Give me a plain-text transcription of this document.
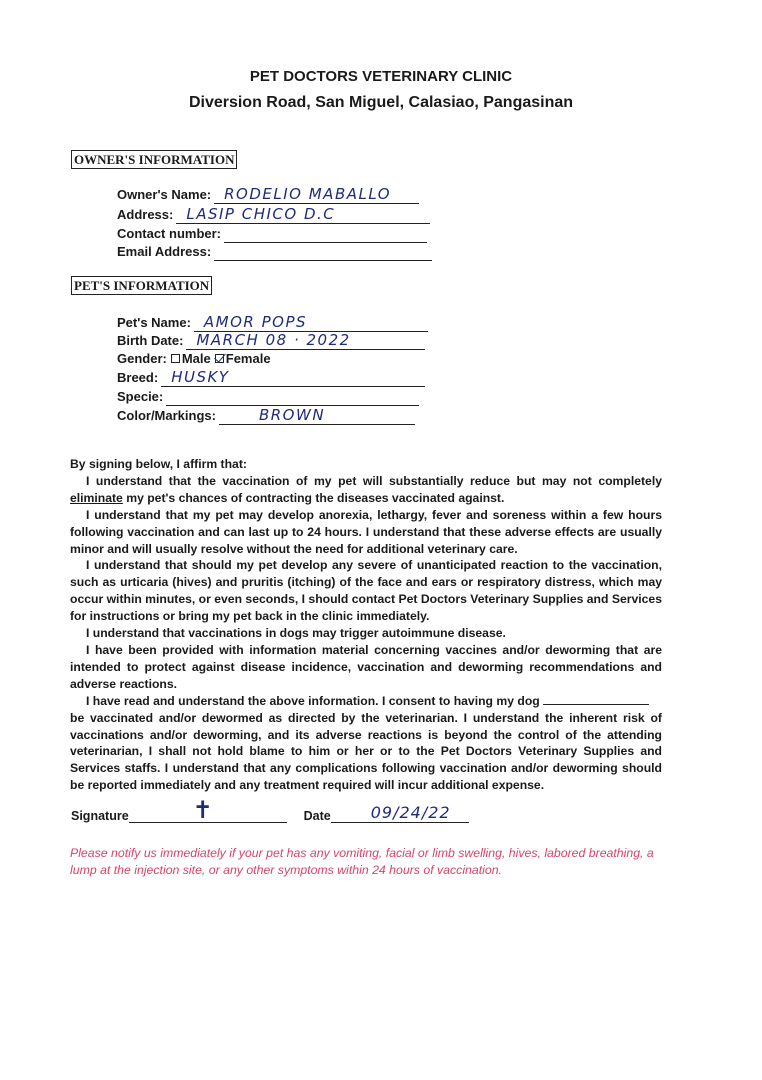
PET DOCTORS VETERINARY CLINIC

Diversion Road, San Miguel, Calasiao, Pangasinan

OWNER'S INFORMATION
Owner's Name: RODELIO MABALLO
Address: LASIP CHICO D.C
Contact number:
Email Address:
PET'S INFORMATION
Pet's Name: AMOR POPS
Birth Date: MARCH 08 · 2022
Gender: Male Female
Breed: HUSKY
Specie:
Color/Markings:	BROWN

By signing below, I affirm that:

I understand that the vaccination of my pet will substantially reduce but may not completely eliminate my pet's chances of contracting the diseases vaccinated against.

I understand that my pet may develop anorexia, lethargy, fever and soreness within a few hours following vaccination and can last up to 24 hours. I understand that these adverse effects are usually minor and will usually resolve without the need for additional veterinary care.

I understand that should my pet develop any severe of unanticipated reaction to the vaccination, such as urticaria (hives) and pruritis (itching) of the face and ears or respiratory distress, which may occur within minutes, or even seconds, I should contact Pet Doctors Veterinary Supplies and Services for instructions or bring my pet back in the clinic immediately.

I understand that vaccinations in dogs may trigger autoimmune disease.

I have been provided with information material concerning vaccines and/or deworming that are intended to protect against disease incidence, vaccination and deworming recommendations and adverse reactions.

I have read and understand the above information. I consent to having my dog

be vaccinated and/or dewormed as directed by the veterinarian. I understand the inherent risk of vaccinations and/or deworming, and its adverse reactions is beyond the control of the attending veterinarian, I shall not hold blame to him or her or to the Pet Doctors Veterinary Supplies and Services staffs. I understand that any complications following vaccination and/or deworming should be reported immediately and any treatment required will incur additional expense.

Signature	✝	Date	09/24/22
Please notify us immediately if your pet has any vomiting, facial or limb swelling, hives, labored breathing, a lump at the injection site, or any other symptoms within 24 hours of vaccination.
